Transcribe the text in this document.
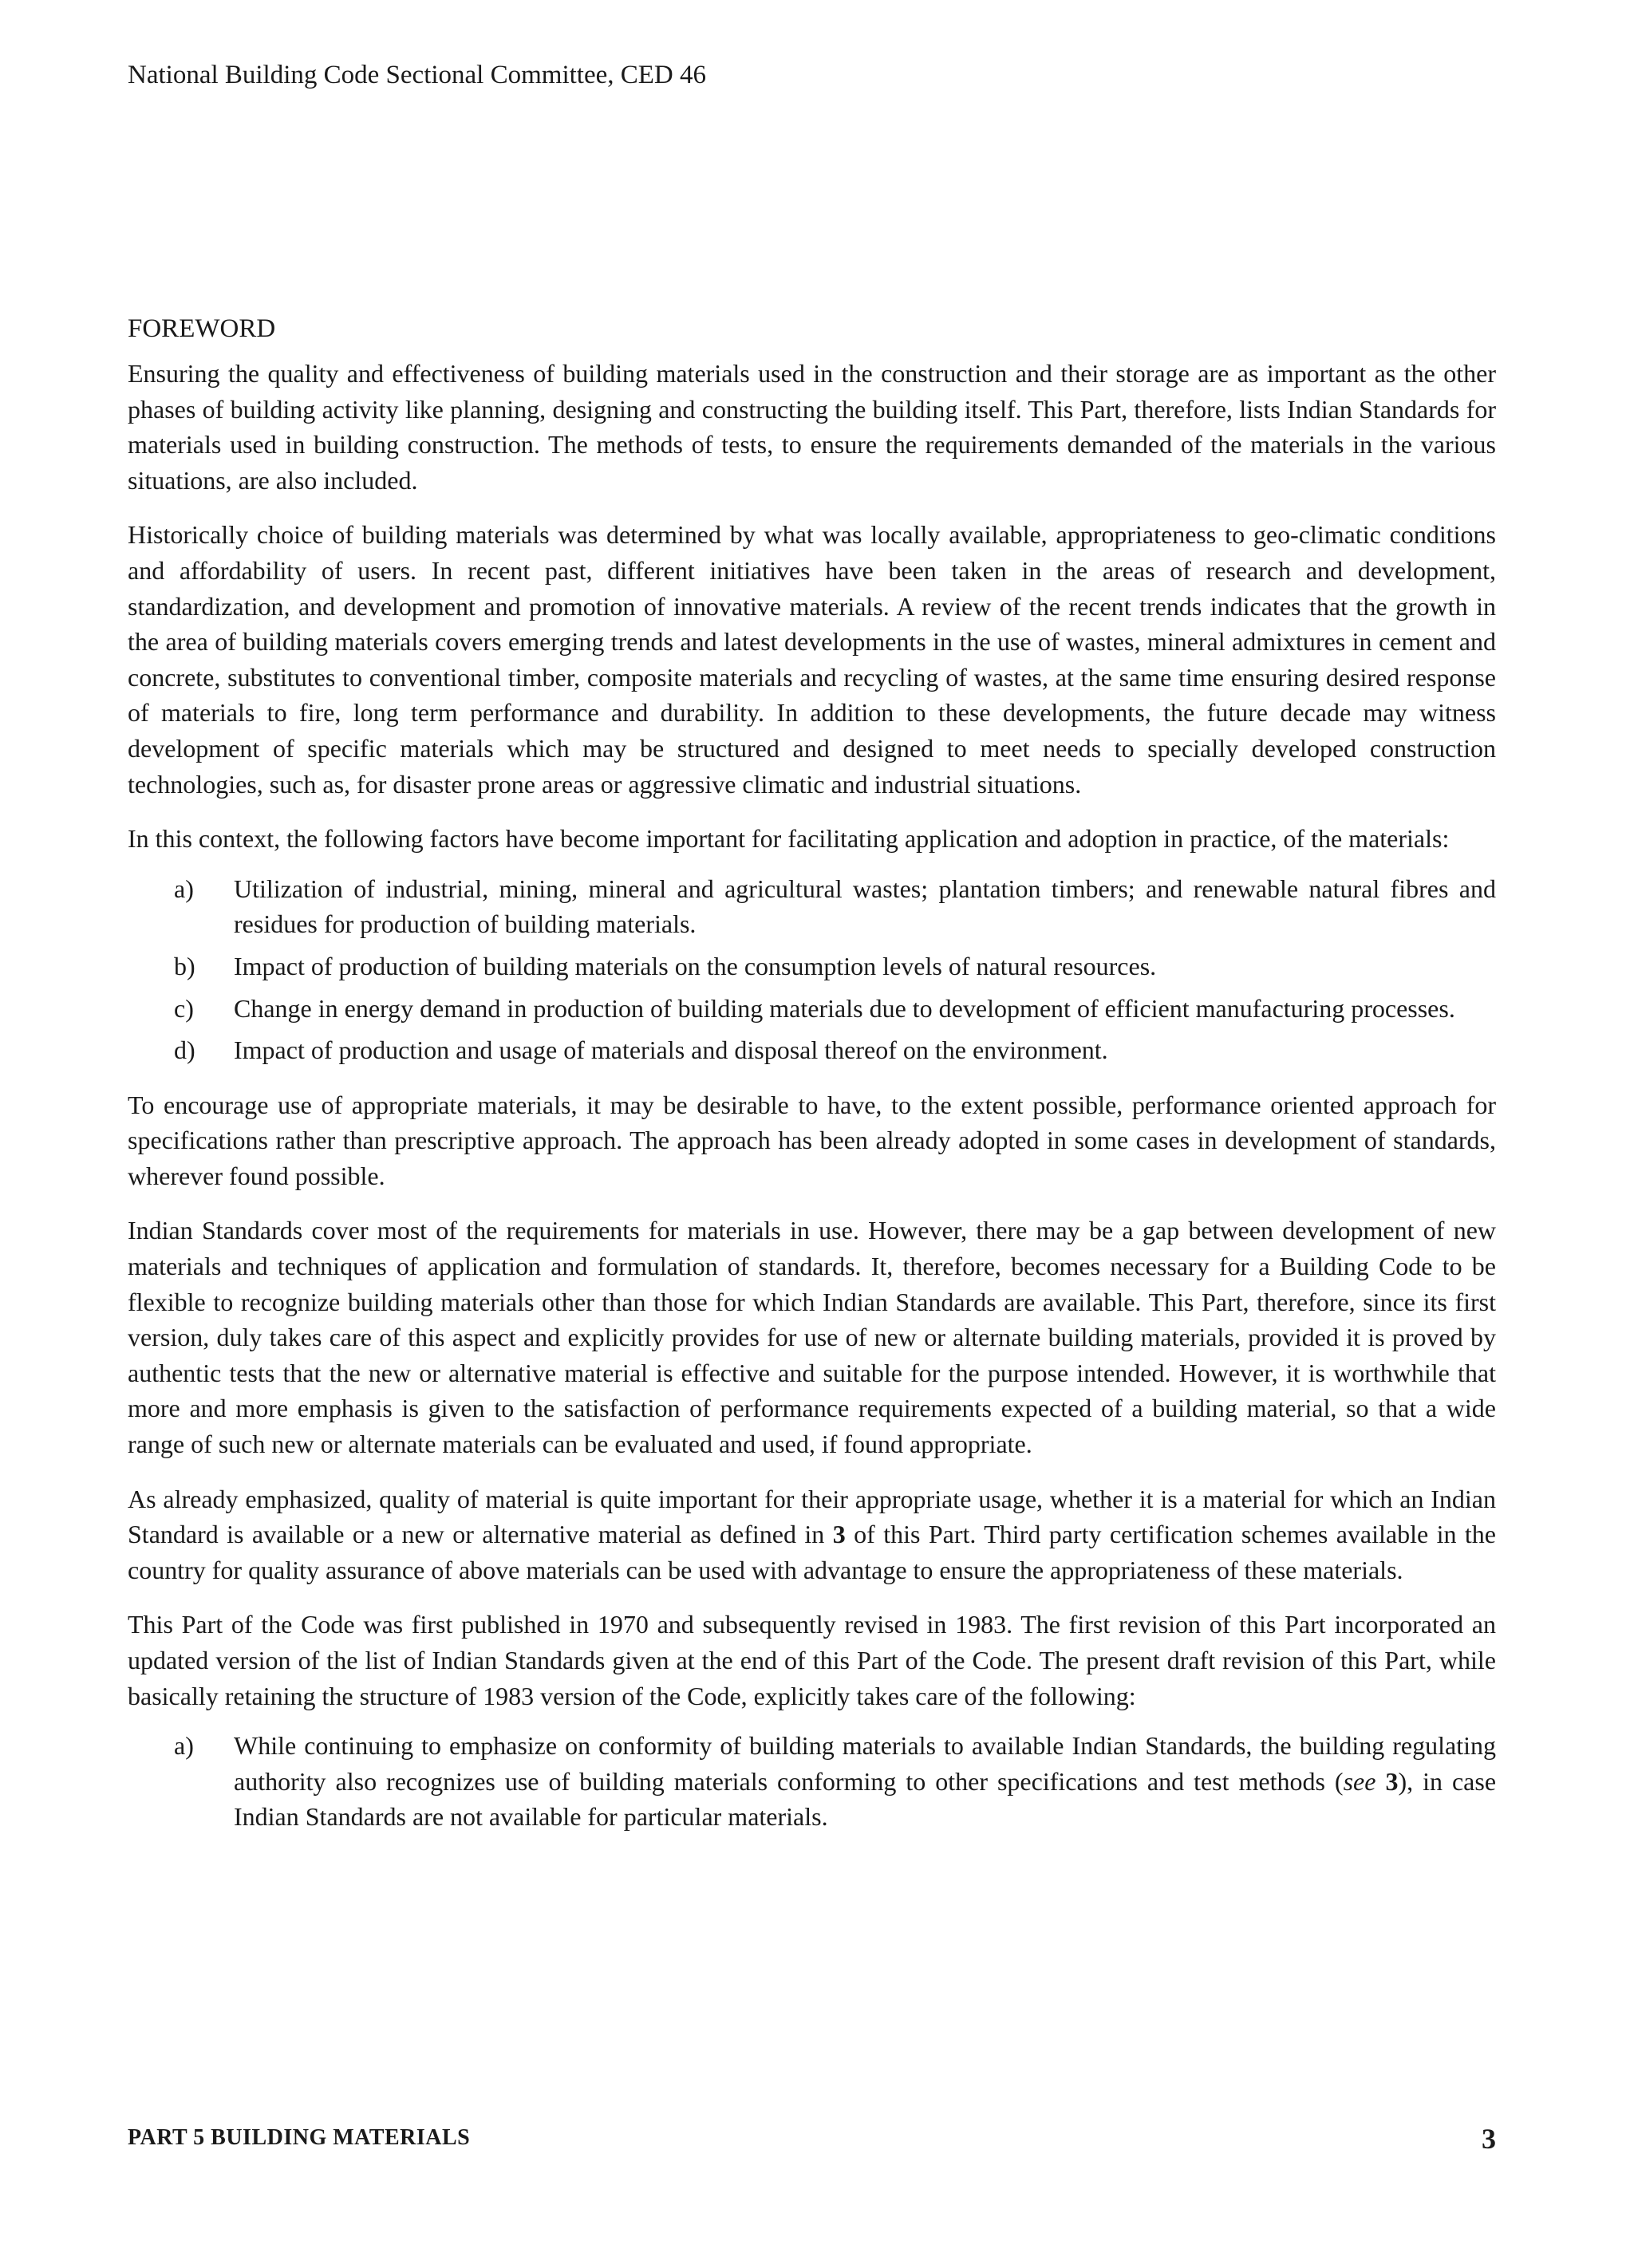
National Building Code Sectional Committee, CED 46
FOREWORD

Ensuring the quality and effectiveness of building materials used in the construction and their storage are as important as the other phases of building activity like planning, designing and constructing the building itself. This Part, therefore, lists Indian Standards for materials used in building construction. The methods of tests, to ensure the requirements demanded of the materials in the various situations, are also included.

Historically choice of building materials was determined by what was locally available, appropriateness to geo-climatic conditions and affordability of users. In recent past, different initiatives have been taken in the areas of research and development, standardization, and development and promotion of innovative materials. A review of the recent trends indicates that the growth in the area of building materials covers emerging trends and latest developments in the use of wastes, mineral admixtures in cement and concrete, substitutes to conventional timber, composite materials and recycling of wastes, at the same time ensuring desired response of materials to fire, long term performance and durability. In addition to these developments, the future decade may witness development of specific materials which may be structured and designed to meet needs to specially developed construction technologies, such as, for disaster prone areas or aggressive climatic and industrial situations.

In this context, the following factors have become important for facilitating application and adoption in practice, of the materials:

a) Utilization of industrial, mining, mineral and agricultural wastes; plantation timbers; and renewable natural fibres and residues for production of building materials.
b) Impact of production of building materials on the consumption levels of natural resources.
c) Change in energy demand in production of building materials due to development of efficient manufacturing processes.
d) Impact of production and usage of materials and disposal thereof on the environment.

To encourage use of appropriate materials, it may be desirable to have, to the extent possible, performance oriented approach for specifications rather than prescriptive approach. The approach has been already adopted in some cases in development of standards, wherever found possible.

Indian Standards cover most of the requirements for materials in use. However, there may be a gap between development of new materials and techniques of application and formulation of standards. It, therefore, becomes necessary for a Building Code to be flexible to recognize building materials other than those for which Indian Standards are available. This Part, therefore, since its first version, duly takes care of this aspect and explicitly provides for use of new or alternate building materials, provided it is proved by authentic tests that the new or alternative material is effective and suitable for the purpose intended. However, it is worthwhile that more and more emphasis is given to the satisfaction of performance requirements expected of a building material, so that a wide range of such new or alternate materials can be evaluated and used, if found appropriate.

As already emphasized, quality of material is quite important for their appropriate usage, whether it is a material for which an Indian Standard is available or a new or alternative material as defined in 3 of this Part. Third party certification schemes available in the country for quality assurance of above materials can be used with advantage to ensure the appropriateness of these materials.

This Part of the Code was first published in 1970 and subsequently revised in 1983. The first revision of this Part incorporated an updated version of the list of Indian Standards given at the end of this Part of the Code. The present draft revision of this Part, while basically retaining the structure of 1983 version of the Code, explicitly takes care of the following:

a) While continuing to emphasize on conformity of building materials to available Indian Standards, the building regulating authority also recognizes use of building materials conforming to other specifications and test methods (see 3), in case Indian Standards are not available for particular materials.
PART 5 BUILDING MATERIALS	3
